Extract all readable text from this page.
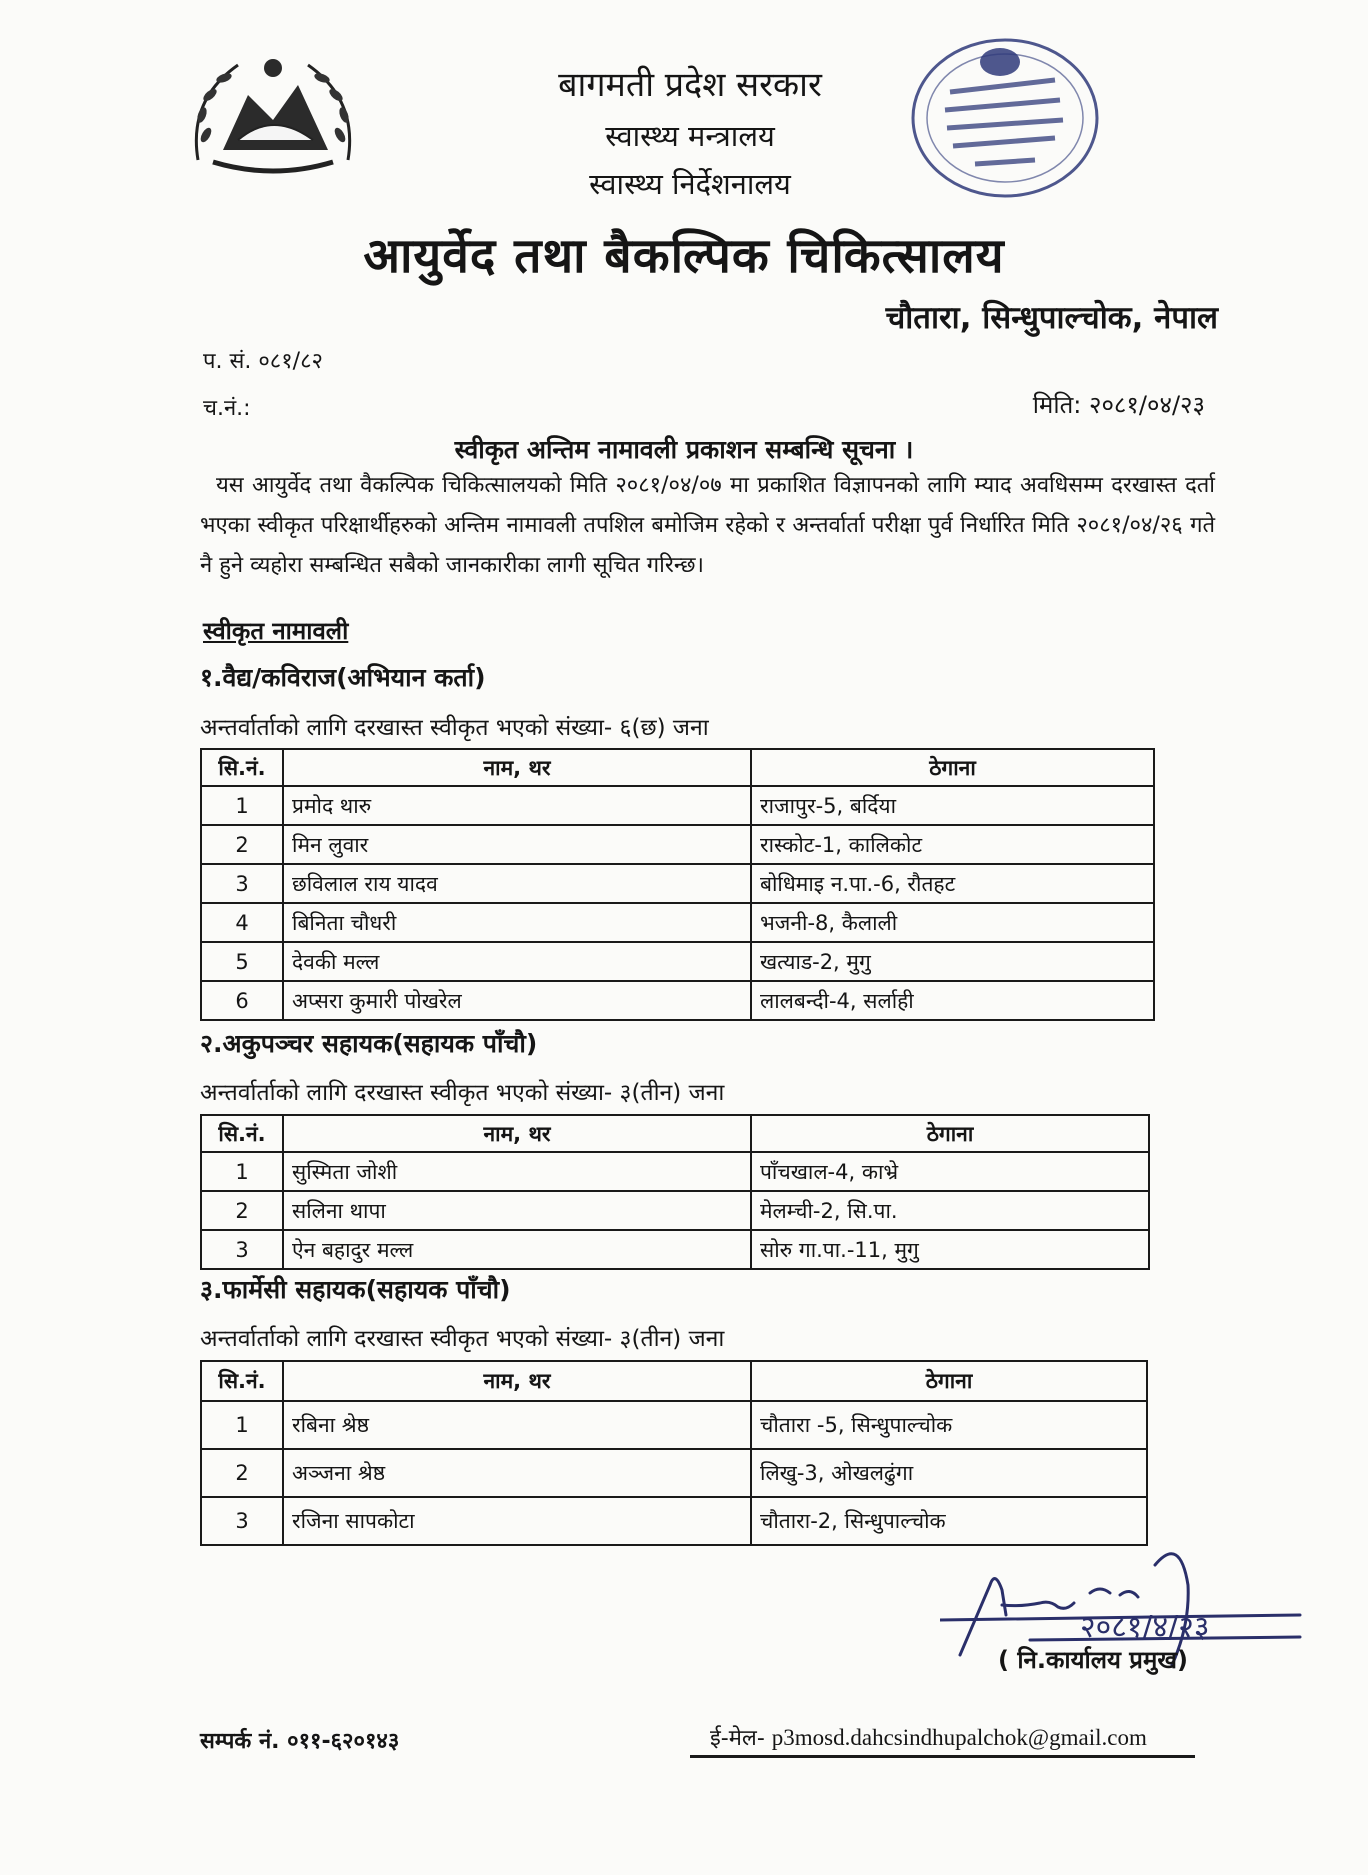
बागमती प्रदेश सरकार
स्वास्थ्य मन्त्रालय
स्वास्थ्य निर्देशनालय
आयुर्वेद तथा बैकल्पिक चिकित्सालय
चौतारा, सिन्धुपाल्चोक, नेपाल
प. सं. ०८१/८२
च.नं.:	मिति: २०८१/०४/२३
स्वीकृत अन्तिम नामावली प्रकाशन सम्बन्धि सूचना ।
यस आयुर्वेद तथा वैकल्पिक चिकित्सालयको मिति २०८१/०४/०७ मा प्रकाशित विज्ञापनको लागि म्याद अवधिसम्म दरखास्त दर्ता भएका स्वीकृत परिक्षार्थीहरुको अन्तिम नामावली तपशिल बमोजिम रहेको र अन्तर्वार्ता परीक्षा पुर्व निर्धारित मिति २०८१/०४/२६ गते नै हुने व्यहोरा सम्बन्धित सबैको जानकारीका लागी सूचित गरिन्छ।
स्वीकृत नामावली
१.वैद्य/कविराज(अभियान कर्ता)
अन्तर्वार्ताको लागि दरखास्त स्वीकृत भएको संख्या- ६(छ) जना
सि.नं.	नाम, थर	ठेगाना
1	प्रमोद थारु	राजापुर-5, बर्दिया
2	मिन लुवार	रास्कोट-1, कालिकोट
3	छविलाल राय यादव	बोधिमाइ न.पा.-6, रौतहट
4	बिनिता चौधरी	भजनी-8, कैलाली
5	देवकी मल्ल	खत्याड-2, मुगु
6	अप्सरा कुमारी पोखरेल	लालबन्दी-4, सर्लाही
२.अकुपञ्चर सहायक(सहायक पाँचौ)
अन्तर्वार्ताको लागि दरखास्त स्वीकृत भएको संख्या- ३(तीन) जना
सि.नं.	नाम, थर	ठेगाना
1	सुस्मिता जोशी	पाँचखाल-4, काभ्रे
2	सलिना थापा	मेलम्ची-2, सि.पा.
3	ऐन बहादुर मल्ल	सोरु गा.पा.-11, मुगु
३.फार्मेसी सहायक(सहायक पाँचौ)
अन्तर्वार्ताको लागि दरखास्त स्वीकृत भएको संख्या- ३(तीन) जना
सि.नं.	नाम, थर	ठेगाना
1	रबिना श्रेष्ठ	चौतारा -5, सिन्धुपाल्चोक
2	अञ्जना श्रेष्ठ	लिखु-3, ओखलढुंगा
3	रजिना सापकोटा	चौतारा-2, सिन्धुपाल्चोक
२०८१/४/२३
( नि.कार्यालय प्रमुख)
सम्पर्क नं. ०११-६२०१४३	ई-मेल- p3mosd.dahcsindhupalchok@gmail.com
